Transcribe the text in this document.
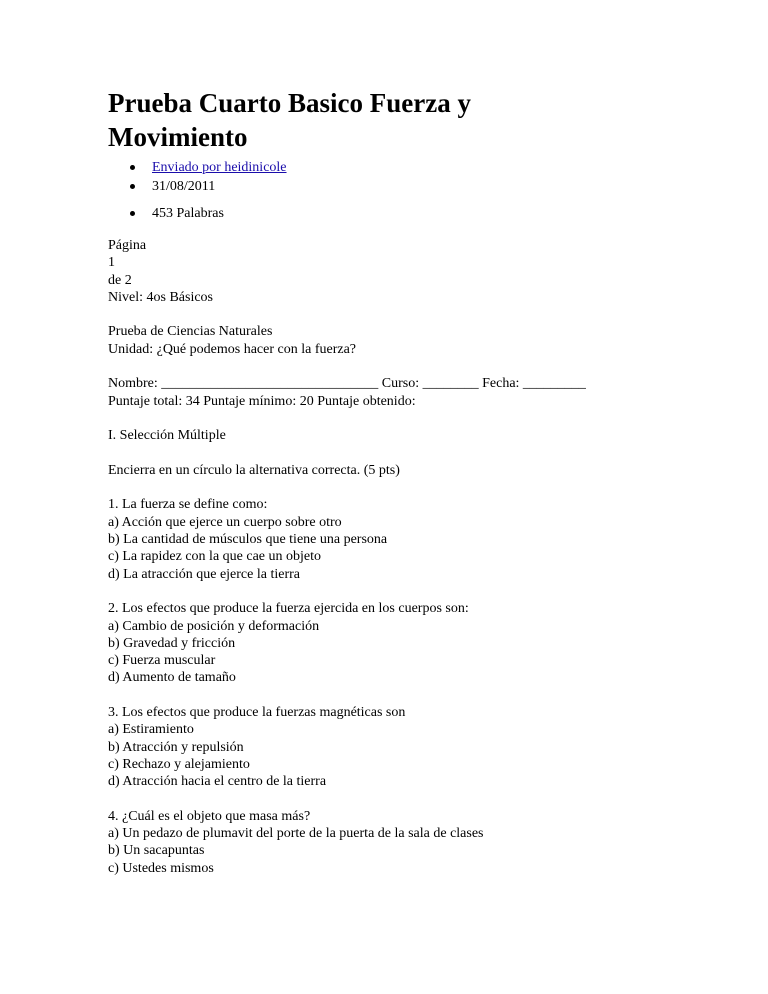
Prueba Cuarto Basico Fuerza y
Movimiento
Enviado por heidinicole
31/08/2011
453 Palabras
Página
1
de 2
Nivel: 4os Básicos
Prueba de Ciencias Naturales
Unidad: ¿Qué podemos hacer con la fuerza?
Nombre: _______________________________ Curso: ________ Fecha: _________
Puntaje total: 34 Puntaje mínimo: 20 Puntaje obtenido:
I. Selección Múltiple
Encierra en un círculo la alternativa correcta. (5 pts)
1. La fuerza se define como:
a) Acción que ejerce un cuerpo sobre otro
b) La cantidad de músculos que tiene una persona
c) La rapidez con la que cae un objeto
d) La atracción que ejerce la tierra
2. Los efectos que produce la fuerza ejercida en los cuerpos son:
a) Cambio de posición y deformación
b) Gravedad y fricción
c) Fuerza muscular
d) Aumento de tamaño
3. Los efectos que produce la fuerzas magnéticas son
a) Estiramiento
b) Atracción y repulsión
c) Rechazo y alejamiento
d) Atracción hacia el centro de la tierra
4. ¿Cuál es el objeto que masa más?
a) Un pedazo de plumavit del porte de la puerta de la sala de clases
b) Un sacapuntas
c) Ustedes mismos
